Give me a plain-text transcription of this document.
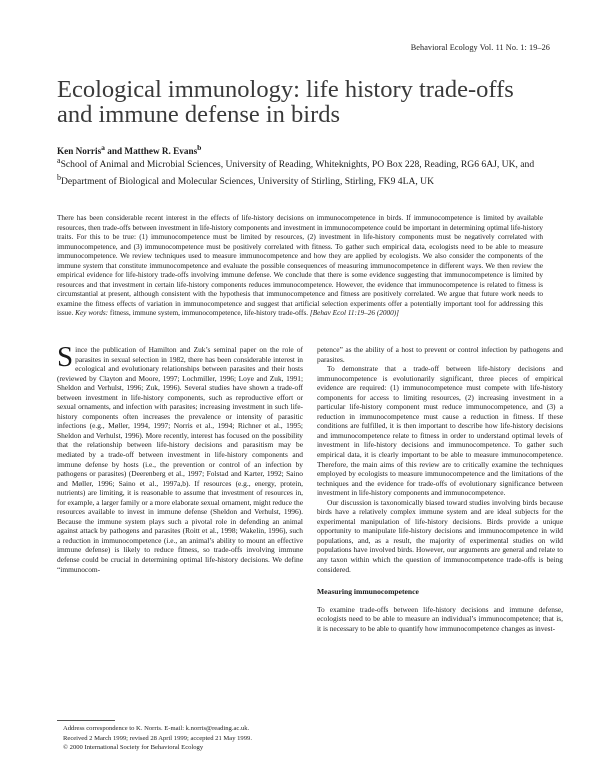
Behavioral Ecology Vol. 11 No. 1: 19–26
Ecological immunology: life history trade-offs
and immune defense in birds

Ken Norris$^a$ and Matthew R. Evans$^b$

$^a$School of Animal and Microbial Sciences, University of Reading, Whiteknights, PO Box 228, Reading, RG6 6AJ, UK, and $^b$Department of Biological and Molecular Sciences, University of Stirling, Stirling, FK9 4LA, UK

There has been considerable recent interest in the effects of life-history decisions on immunocompetence in birds. If immunocompetence is limited by available resources, then trade-offs between investment in life-history components and investment in immunocompetence could be important in determining optimal life-history traits. For this to be true: (1) immunocompetence must be limited by resources, (2) investment in life-history components must be negatively correlated with immunocompetence, and (3) immunocompetence must be positively correlated with fitness. To gather such empirical data, ecologists need to be able to measure immunocompetence. We review techniques used to measure immunocompetence and how they are applied by ecologists. We also consider the components of the immune system that constitute immunocompetence and evaluate the possible consequences of measuring immunocompetence in different ways. We then review the empirical evidence for life-history trade-offs involving immune defense. We conclude that there is some evidence suggesting that immunocompetence is limited by resources and that investment in certain life-history components reduces immunocompetence. However, the evidence that immunocompetence is related to fitness is circumstantial at present, although consistent with the hypothesis that immunocompetence and fitness are positively correlated. We argue that future work needs to examine the fitness effects of variation in immunocompetence and suggest that artificial selection experiments offer a potentially important tool for addressing this issue. Key words: fitness, immune system, immunocompetence, life-history trade-offs. [Behav Ecol 11:19–26 (2000)]

Since the publication of Hamilton and Zuk’s seminal paper on the role of parasites in sexual selection in 1982, there has been considerable interest in ecological and evolutionary relationships between parasites and their hosts (reviewed by Clayton and Moore, 1997; Lochmiller, 1996; Loye and Zuk, 1991; Sheldon and Verhulst, 1996; Zuk, 1996). Several studies have shown a trade-off between investment in life-history components, such as reproductive effort or sexual ornaments, and infection with parasites; increasing investment in such life-history components often increases the prevalence or intensity of parasitic infections (e.g., Møller, 1994, 1997; Norris et al., 1994; Richner et al., 1995; Sheldon and Verhulst, 1996). More recently, interest has focused on the possibility that the relationship between life-history decisions and parasitism may be mediated by a trade-off between investment in life-history components and immune defense by hosts (i.e., the prevention or control of an infection by pathogens or parasites) (Deerenberg et al., 1997; Folstad and Karter, 1992; Saino and Møller, 1996; Saino et al., 1997a,b). If resources (e.g., energy, protein, nutrients) are limiting, it is reasonable to assume that investment of resources in, for example, a larger family or a more elaborate sexual ornament, might reduce the resources available to invest in immune defense (Sheldon and Verhulst, 1996). Because the immune system plays such a pivotal role in defending an animal against attack by pathogens and parasites (Roitt et al., 1998; Wakelin, 1996), such a reduction in immunocompetence (i.e., an animal’s ability to mount an effective immune defense) is likely to reduce fitness, so trade-offs involving immune defense could be crucial in determining optimal life-history decisions. We define “immunocom-

petence” as the ability of a host to prevent or control infection by pathogens and parasites.

To demonstrate that a trade-off between life-history decisions and immunocompetence is evolutionarily significant, three pieces of empirical evidence are required: (1) immunocompetence must compete with life-history components for access to limiting resources, (2) increasing investment in a particular life-history component must reduce immunocompetence, and (3) a reduction in immunocompetence must cause a reduction in fitness. If these conditions are fulfilled, it is then important to describe how life-history decisions and immunocompetence relate to fitness in order to understand optimal levels of investment in life-history decisions and immunocompetence. To gather such empirical data, it is clearly important to be able to measure immunocompetence. Therefore, the main aims of this review are to critically examine the techniques employed by ecologists to measure immunocompetence and the limitations of the techniques and the evidence for trade-offs of evolutionary significance between investment in life-history components and immunocompetence.

Our discussion is taxonomically biased toward studies involving birds because birds have a relatively complex immune system and are ideal subjects for the experimental manipulation of life-history decisions. Birds provide a unique opportunity to manipulate life-history decisions and immunocompetence in wild populations, and, as a result, the majority of experimental studies on wild populations have involved birds. However, our arguments are general and relate to any taxon within which the question of immunocompetence trade-offs is being considered.

Measuring immunocompetence

To examine trade-offs between life-history decisions and immune defense, ecologists need to be able to measure an individual’s immunocompetence; that is, it is necessary to be able to quantify how immunocompetence changes as invest-

Address correspondence to K. Norris. E-mail: k.norris@reading.ac.uk.

Received 2 March 1999; revised 28 April 1999; accepted 21 May 1999.

© 2000 International Society for Behavioral Ecology
